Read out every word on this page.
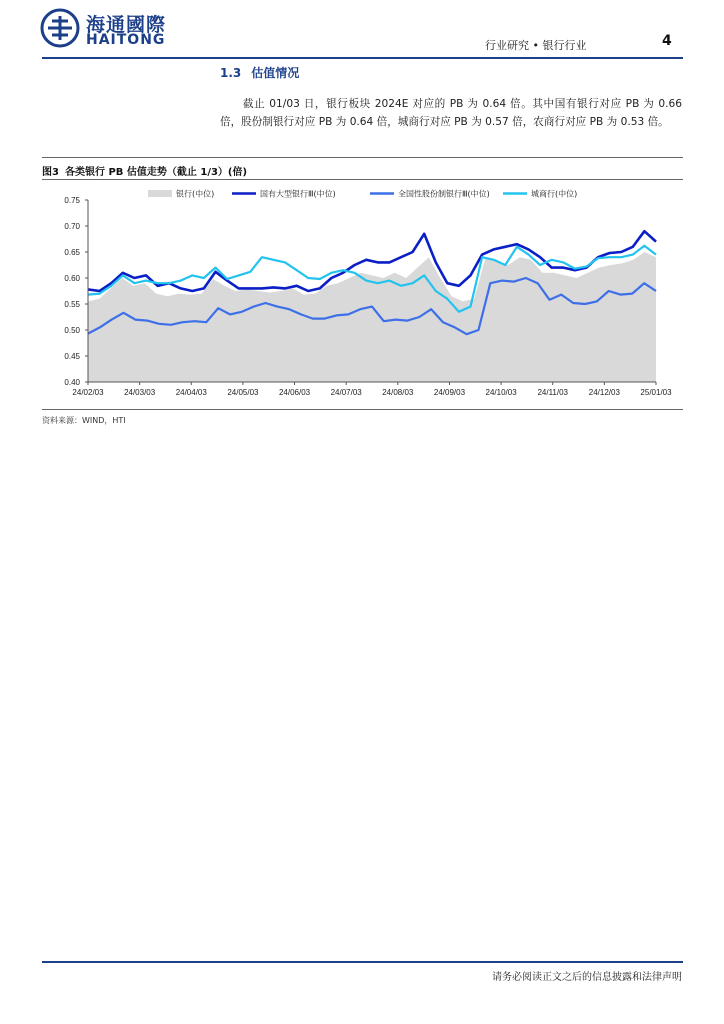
海通國際
HAITONG	行业研究 • 银行行业	4
1.3 估值情况
截止 01/03 日，银行板块 2024E 对应的 PB 为 0.64 倍。其中国有银行对应 PB 为 0.66 倍，股份制银行对应 PB 为 0.64 倍，城商行对应 PB 为 0.57 倍，农商行对应 PB 为 0.53 倍。
图3 各类银行 PB 估值走势（截止 1/3）(倍)
银行(中位)	国有大型银行Ⅲ(中位)	全国性股份制银行Ⅲ(中位)	城商行(中位)
0.75
0.70
0.65
0.60
0.55
0.50
0.45
0.40
24/02/03	24/03/03	24/04/03	24/05/03	24/06/03	24/07/03	24/08/03	24/09/03	24/10/03	24/11/03	24/12/03	25/01/03
资料来源：WIND，HTI
请务必阅读正文之后的信息披露和法律声明
